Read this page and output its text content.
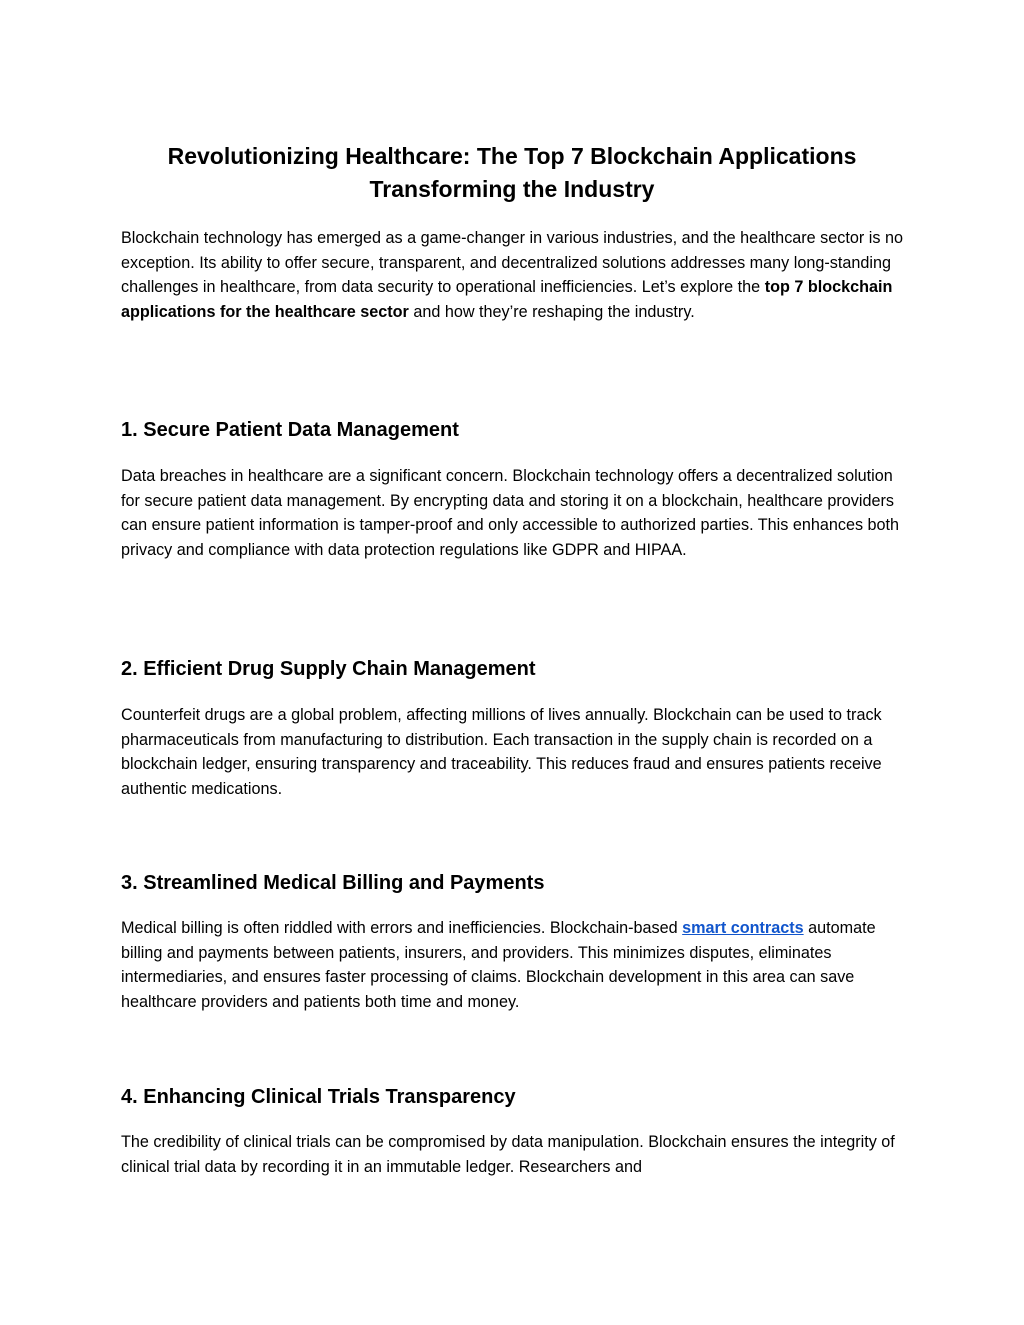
Revolutionizing Healthcare: The Top 7 Blockchain Applications
Transforming the Industry

Blockchain technology has emerged as a game-changer in various industries, and the healthcare sector is no exception. Its ability to offer secure, transparent, and decentralized solutions addresses many long-standing challenges in healthcare, from data security to operational inefficiencies. Let’s explore the top 7 blockchain applications for the healthcare sector and how they’re reshaping the industry.

1. Secure Patient Data Management

Data breaches in healthcare are a significant concern. Blockchain technology offers a decentralized solution for secure patient data management. By encrypting data and storing it on a blockchain, healthcare providers can ensure patient information is tamper-proof and only accessible to authorized parties. This enhances both privacy and compliance with data protection regulations like GDPR and HIPAA.

2. Efficient Drug Supply Chain Management

Counterfeit drugs are a global problem, affecting millions of lives annually. Blockchain can be used to track pharmaceuticals from manufacturing to distribution. Each transaction in the supply chain is recorded on a blockchain ledger, ensuring transparency and traceability. This reduces fraud and ensures patients receive authentic medications.

3. Streamlined Medical Billing and Payments

Medical billing is often riddled with errors and inefficiencies. Blockchain-based smart contracts automate billing and payments between patients, insurers, and providers. This minimizes disputes, eliminates intermediaries, and ensures faster processing of claims. Blockchain development in this area can save healthcare providers and patients both time and money.

4. Enhancing Clinical Trials Transparency

The credibility of clinical trials can be compromised by data manipulation. Blockchain ensures the integrity of clinical trial data by recording it in an immutable ledger. Researchers and
